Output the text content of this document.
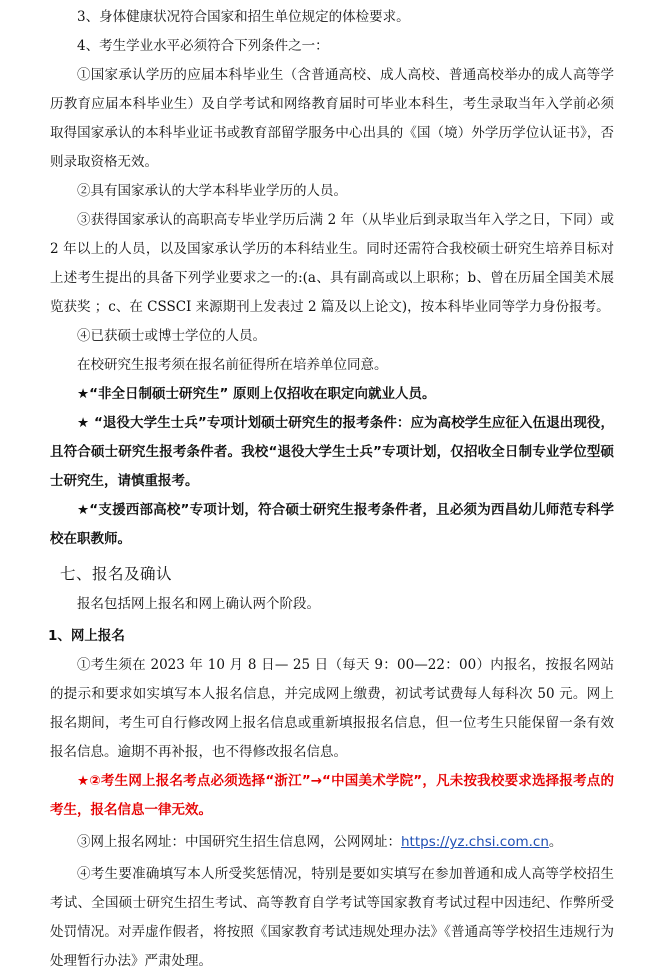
3、身体健康状况符合国家和招生单位规定的体检要求。

4、考生学业水平必须符合下列条件之一：

①国家承认学历的应届本科毕业生（含普通高校、成人高校、普通高校举办的成人高等学历教育应届本科毕业生）及自学考试和网络教育届时可毕业本科生，考生录取当年入学前必须取得国家承认的本科毕业证书或教育部留学服务中心出具的《国（境）外学历学位认证书》，否则录取资格无效。

②具有国家承认的大学本科毕业学历的人员。

③获得国家承认的高职高专毕业学历后满 2 年（从毕业后到录取当年入学之日，下同）或 2 年以上的人员，以及国家承认学历的本科结业生。同时还需符合我校硕士研究生培养目标对上述考生提出的具备下列学业要求之一的:(a、具有副高或以上职称；b、曾在历届全国美术展览获奖 ；c、在 CSSCI 来源期刊上发表过 2 篇及以上论文)，按本科毕业同等学力身份报考。

④已获硕士或博士学位的人员。

在校研究生报考须在报名前征得所在培养单位同意。

★“非全日制硕士研究生” 原则上仅招收在职定向就业人员。

★ “退役大学生士兵”专项计划硕士研究生的报考条件：应为高校学生应征入伍退出现役，且符合硕士研究生报考条件者。我校“退役大学生士兵”专项计划，仅招收全日制专业学位型硕士研究生，请慎重报考。

★“支援西部高校”专项计划，符合硕士研究生报考条件者，且必须为西昌幼儿师范专科学校在职教师。

七、报名及确认

报名包括网上报名和网上确认两个阶段。

1、网上报名

①考生须在 2023 年 10 月 8 日— 25 日（每天 9：00—22：00）内报名，按报名网站的提示和要求如实填写本人报名信息，并完成网上缴费，初试考试费每人每科次 50 元。网上报名期间，考生可自行修改网上报名信息或重新填报报名信息，但一位考生只能保留一条有效报名信息。逾期不再补报，也不得修改报名信息。

★②考生网上报名考点必须选择“浙江”→“中国美术学院”，凡未按我校要求选择报考点的考生，报名信息一律无效。

③网上报名网址：中国研究生招生信息网，公网网址：https://yz.chsi.com.cn。

④考生要准确填写本人所受奖惩情况，特别是要如实填写在参加普通和成人高等学校招生考试、全国硕士研究生招生考试、高等教育自学考试等国家教育考试过程中因违纪、作弊所受处罚情况。对弄虚作假者，将按照《国家教育考试违规处理办法》《普通高等学校招生违规行为处理暂行办法》严肃处理。
